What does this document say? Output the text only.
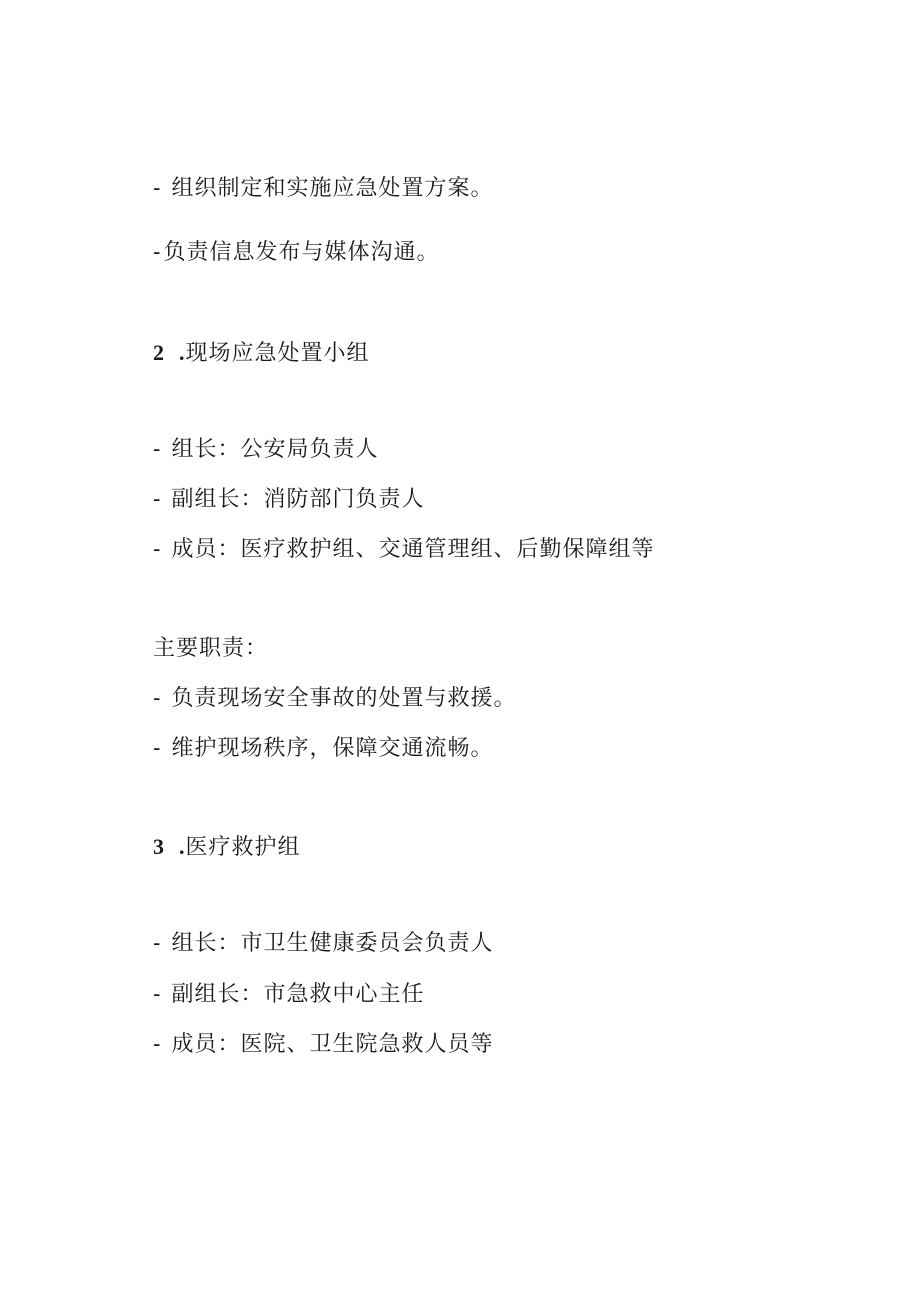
- 组织制定和实施应急处置方案。
-负责信息发布与媒体沟通。
2 .现场应急处置小组
- 组长：公安局负责人
- 副组长：消防部门负责人
- 成员：医疗救护组、交通管理组、后勤保障组等
主要职责：
- 负责现场安全事故的处置与救援。
- 维护现场秩序，保障交通流畅。
3 .医疗救护组
- 组长：市卫生健康委员会负责人
- 副组长：市急救中心主任
- 成员：医院、卫生院急救人员等
